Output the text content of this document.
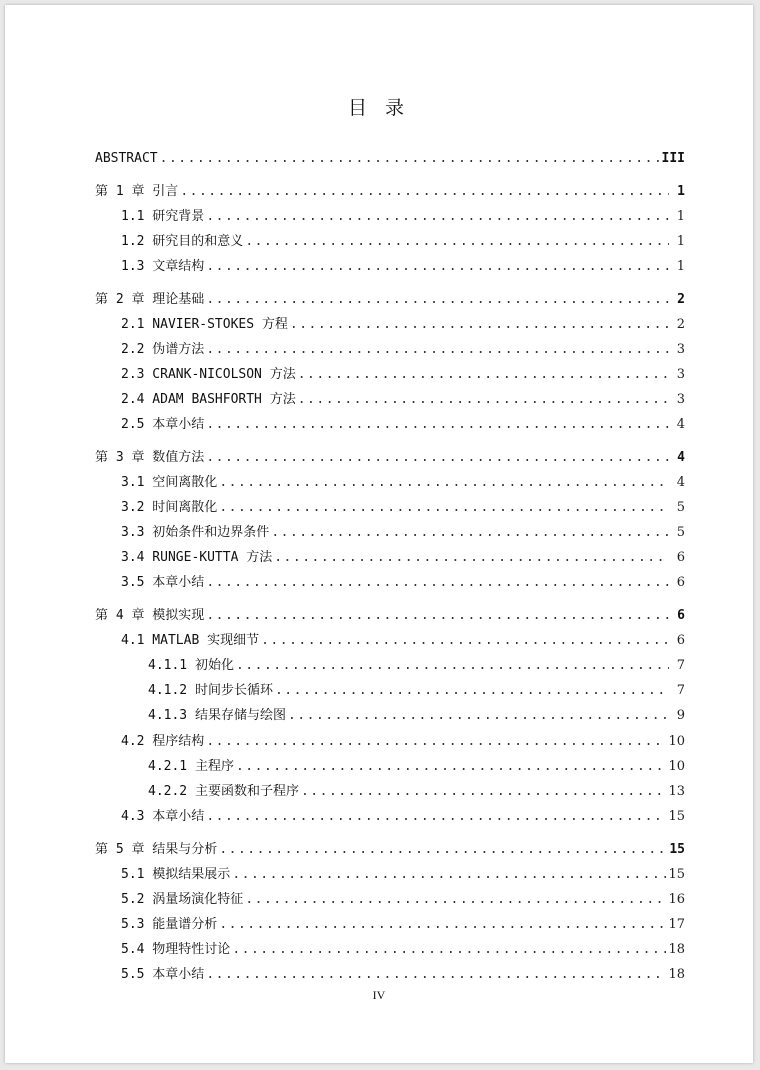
目 录
ABSTRACT .....	III
第 1 章 引言 .....	1
1.1 研究背景 .....	1
1.2 研究目的和意义 .....	1
1.3 文章结构 .....	1
第 2 章 理论基础 .....	2
2.1 NAVIER-STOKES 方程 .....	2
2.2 伪谱方法 .....	3
2.3 CRANK-NICOLSON 方法 .....	3
2.4 ADAM BASHFORTH 方法 .....	3
2.5 本章小结 .....	4
第 3 章 数值方法 .....	4
3.1 空间离散化 .....	4
3.2 时间离散化 .....	5
3.3 初始条件和边界条件 .....	5
3.4 RUNGE-KUTTA 方法 .....	6
3.5 本章小结 .....	6
第 4 章 模拟实现 .....	6
4.1 MATLAB 实现细节 .....	6
4.1.1 初始化 .....	7
4.1.2 时间步长循环 .....	7
4.1.3 结果存储与绘图 .....	9
4.2 程序结构 .....	10
4.2.1 主程序 .....	10
4.2.2 主要函数和子程序 .....	13
4.3 本章小结 .....	15
第 5 章 结果与分析 .....	15
5.1 模拟结果展示 .....	15
5.2 涡量场演化特征 .....	16
5.3 能量谱分析 .....	17
5.4 物理特性讨论 .....	18
5.5 本章小结 .....	18
IV
